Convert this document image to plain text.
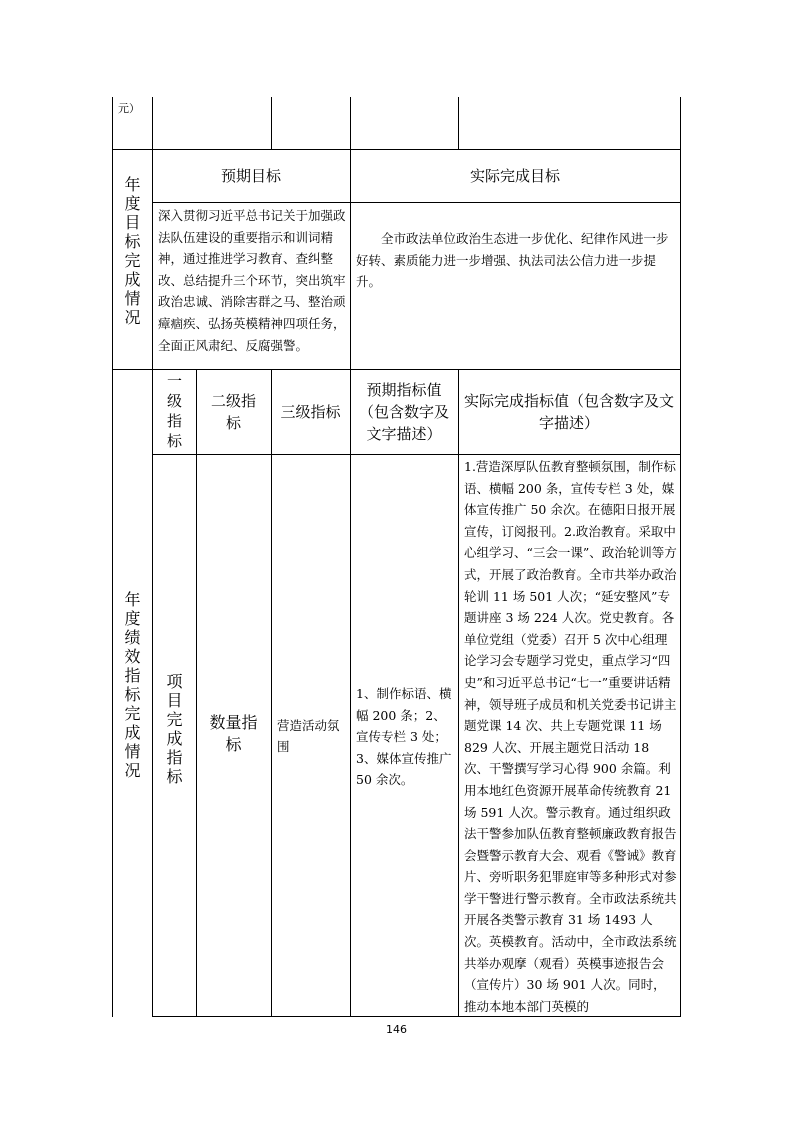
元）
年度目标完成情况
预期目标	实际完成目标
深入贯彻习近平总书记关于加强政法队伍建设的重要指示和训词精神，通过推进学习教育、查纠整改、总结提升三个环节，突出筑牢政治忠诚、消除害群之马、整治顽瘴痼疾、弘扬英模精神四项任务，全面正风肃纪、反腐强警。
全市政法单位政治生态进一步优化、纪律作风进一步好转、素质能力进一步增强、执法司法公信力进一步提升。
年度绩效指标完成情况
一级指标
二级指标
三级指标
预期指标值（包含数字及文字描述）
实际完成指标值（包含数字及文字描述）
项目完成指标
数量指标
营造活动氛围
1、制作标语、横幅 200 条；2、宣传专栏 3 处；3、媒体宣传推广 50 余次。
1.营造深厚队伍教育整顿氛围，制作标语、横幅 200 条，宣传专栏 3 处，媒体宣传推广 50 余次。在德阳日报开展宣传，订阅报刊。2.政治教育。采取中心组学习、“三会一课”、政治轮训等方式，开展了政治教育。全市共举办政治轮训 11 场 501 人次；“延安整风”专题讲座 3 场 224 人次。党史教育。各单位党组（党委）召开 5 次中心组理论学习会专题学习党史，重点学习“四史”和习近平总书记“七一”重要讲话精神，领导班子成员和机关党委书记讲主题党课 14 次、共上专题党课 11 场 829 人次、开展主题党日活动 18 次、干警撰写学习心得 900 余篇。利用本地红色资源开展革命传统教育 21 场 591 人次。警示教育。通过组织政法干警参加队伍教育整顿廉政教育报告会暨警示教育大会、观看《警诫》教育片、旁听职务犯罪庭审等多种形式对参学干警进行警示教育。全市政法系统共开展各类警示教育 31 场 1493 人次。英模教育。活动中，全市政法系统共举办观摩（观看）英模事迹报告会（宣传片）30 场 901 人次。同时，推动本地本部门英模的
146
